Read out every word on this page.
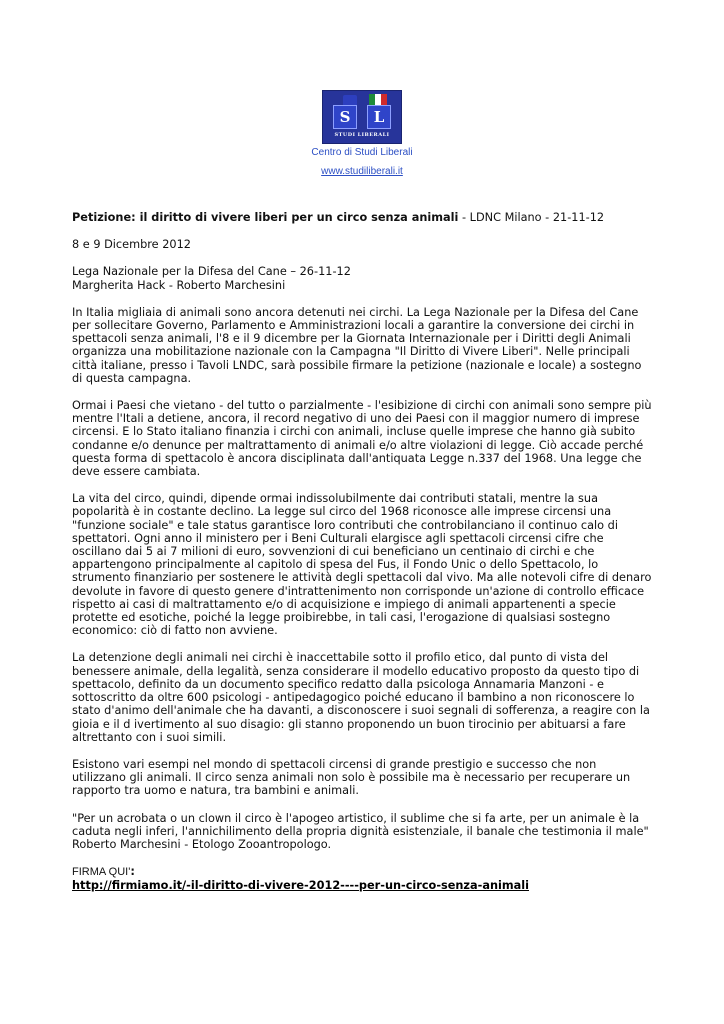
S	L
STUDI LIBERALI
Centro di Studi Liberali
www.studiliberali.it

Petizione: il diritto di vivere liberi per un circo senza animali - LDNC Milano - 21-11-12

8 e 9 Dicembre 2012

Lega Nazionale per la Difesa del Cane – 26-11-12

Margherita Hack - Roberto Marchesini

In Italia migliaia di animali sono ancora detenuti nei circhi. La Lega Nazionale per la Difesa del Cane per sollecitare Governo, Parlamento e Amministrazioni locali a garantire la conversione dei circhi in spettacoli senza animali, l'8 e il 9 dicembre per la Giornata Internazionale per i Diritti degli Animali organizza una mobilitazione nazionale con la Campagna "Il Diritto di Vivere Liberi". Nelle principali città italiane, presso i Tavoli LNDC, sarà possibile firmare la petizione (nazionale e locale) a sostegno di questa campagna.

Ormai i Paesi che vietano - del tutto o parzialmente - l'esibizione di circhi con animali sono sempre più mentre l'Itali a detiene, ancora, il record negativo di uno dei Paesi con il maggior numero di imprese circensi. E lo Stato italiano finanzia i circhi con animali, incluse quelle imprese che hanno già subito condanne e/o denunce per maltrattamento di animali e/o altre violazioni di legge. Ciò accade perché questa forma di spettacolo è ancora disciplinata dall'antiquata Legge n.337 del 1968. Una legge che deve essere cambiata.

La vita del circo, quindi, dipende ormai indissolubilmente dai contributi statali, mentre la sua popolarità è in costante declino. La legge sul circo del 1968 riconosce alle imprese circensi una "funzione sociale" e tale status garantisce loro contributi che controbilanciano il continuo calo di spettatori. Ogni anno il ministero per i Beni Culturali elargisce agli spettacoli circensi cifre che oscillano dai 5 ai 7 milioni di euro, sovvenzioni di cui beneficiano un centinaio di circhi e che appartengono principalmente al capitolo di spesa del Fus, il Fondo Unic o dello Spettacolo, lo strumento finanziario per sostenere le attività degli spettacoli dal vivo. Ma alle notevoli cifre di denaro devolute in favore di questo genere d'intrattenimento non corrisponde un'azione di controllo efficace rispetto ai casi di maltrattamento e/o di acquisizione e impiego di animali appartenenti a specie protette ed esotiche, poiché la legge proibirebbe, in tali casi, l'erogazione di qualsiasi sostegno economico: ciò di fatto non avviene.

La detenzione degli animali nei circhi è inaccettabile sotto il profilo etico, dal punto di vista del benessere animale, della legalità, senza considerare il modello educativo proposto da questo tipo di spettacolo, definito da un documento specifico redatto dalla psicologa Annamaria Manzoni - e sottoscritto da oltre 600 psicologi - antipedagogico poiché educano il bambino a non riconoscere lo stato d'animo dell'animale che ha davanti, a disconoscere i suoi segnali di sofferenza, a reagire con la gioia e il d ivertimento al suo disagio: gli stanno proponendo un buon tirocinio per abituarsi a fare altrettanto con i suoi simili.

Esistono vari esempi nel mondo di spettacoli circensi di grande prestigio e successo che non utilizzano gli animali. Il circo senza animali non solo è possibile ma è necessario per recuperare un rapporto tra uomo e natura, tra bambini e animali.

"Per un acrobata o un clown il circo è l'apogeo artistico, il sublime che si fa arte, per un animale è la caduta negli inferi, l'annichilimento della propria dignità esistenziale, il banale che testimonia il male" Roberto Marchesini - Etologo Zooantropologo.

FIRMA QUI':

http://firmiamo.it/-il-diritto-di-vivere-2012----per-un-circo-senza-animali
